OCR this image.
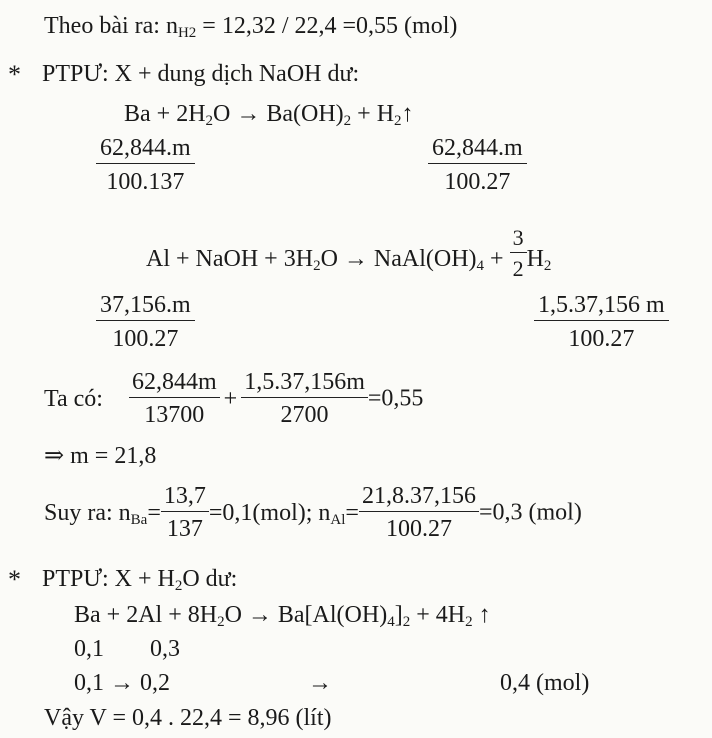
Theo bài ra: $n_{H2} = 12,32 / 22,4 =0,55$ (mol)
* PTPƯ: X + dung dịch NaOH dư:
$Ba + 2H_2O \to Ba(OH)_2$ + $H_2↑$
62,844.m
100.137
62,844.m
100.27
Al + NaOH + $3H_2O$ → $NaAl(OH)_4 + \frac{3}{2} H_2$
37,156.m
100.27
1,5.37,156 m
100.27
Ta có: $\frac{62,844m}{13700} + \frac{1,5.37,156m}{2700} =0,55$
⇒ m = 21,8
Suy ra: $n_{Ba}= \frac{13,7}{137} =0,1(mol)$; $n_{Al}= \frac{21,8.37,156}{100.27} =0,3$ (mol)
* PTPƯ: $X + H_2O$ dư:
$Ba + 2Al + 8H_2O \to Ba[Al(OH)_4]_2 + 4H_2$ ↑
0,1 0,3
0,1 → 0,2	→	0,4 (mol)
Vậy V = 0,4 . 22,4 = 8,96 (lít)
